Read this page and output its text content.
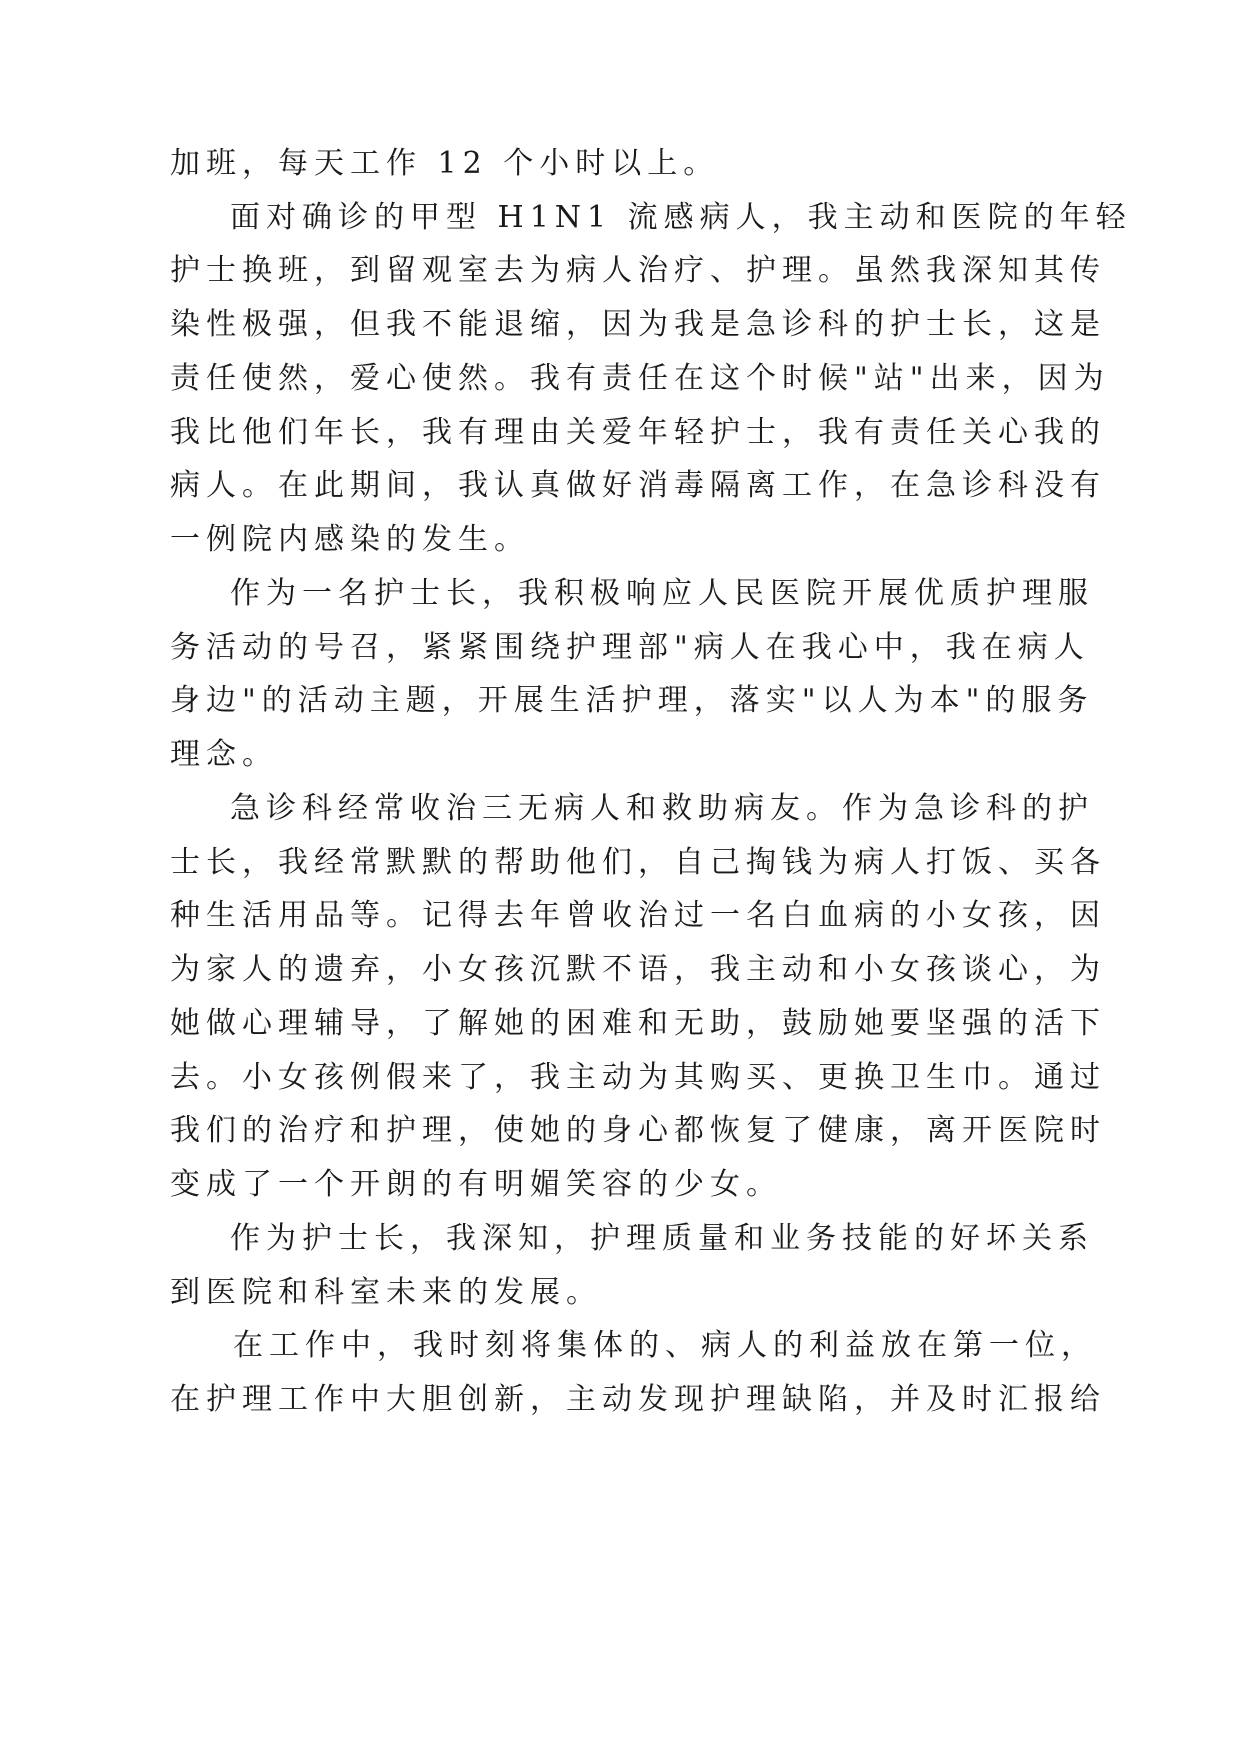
加班，每天工作 12 个小时以上。
面对确诊的甲型 H1N1 流感病人，我主动和医院的年轻
护士换班，到留观室去为病人治疗、护理。虽然我深知其传
染性极强，但我不能退缩，因为我是急诊科的护士长，这是
责任使然，爱心使然。我有责任在这个时候"站"出来，因为
我比他们年长，我有理由关爱年轻护士，我有责任关心我的
病人。在此期间，我认真做好消毒隔离工作，在急诊科没有
一例院内感染的发生。
作为一名护士长，我积极响应人民医院开展优质护理服
务活动的号召，紧紧围绕护理部"病人在我心中，我在病人
身边"的活动主题，开展生活护理，落实"以人为本"的服务
理念。
急诊科经常收治三无病人和救助病友。作为急诊科的护
士长，我经常默默的帮助他们，自己掏钱为病人打饭、买各
种生活用品等。记得去年曾收治过一名白血病的小女孩，因
为家人的遗弃，小女孩沉默不语，我主动和小女孩谈心，为
她做心理辅导，了解她的困难和无助，鼓励她要坚强的活下
去。小女孩例假来了，我主动为其购买、更换卫生巾。通过
我们的治疗和护理，使她的身心都恢复了健康，离开医院时
变成了一个开朗的有明媚笑容的少女。
作为护士长，我深知，护理质量和业务技能的好坏关系
到医院和科室未来的发展。
在工作中，我时刻将集体的、病人的利益放在第一位，
在护理工作中大胆创新，主动发现护理缺陷，并及时汇报给
